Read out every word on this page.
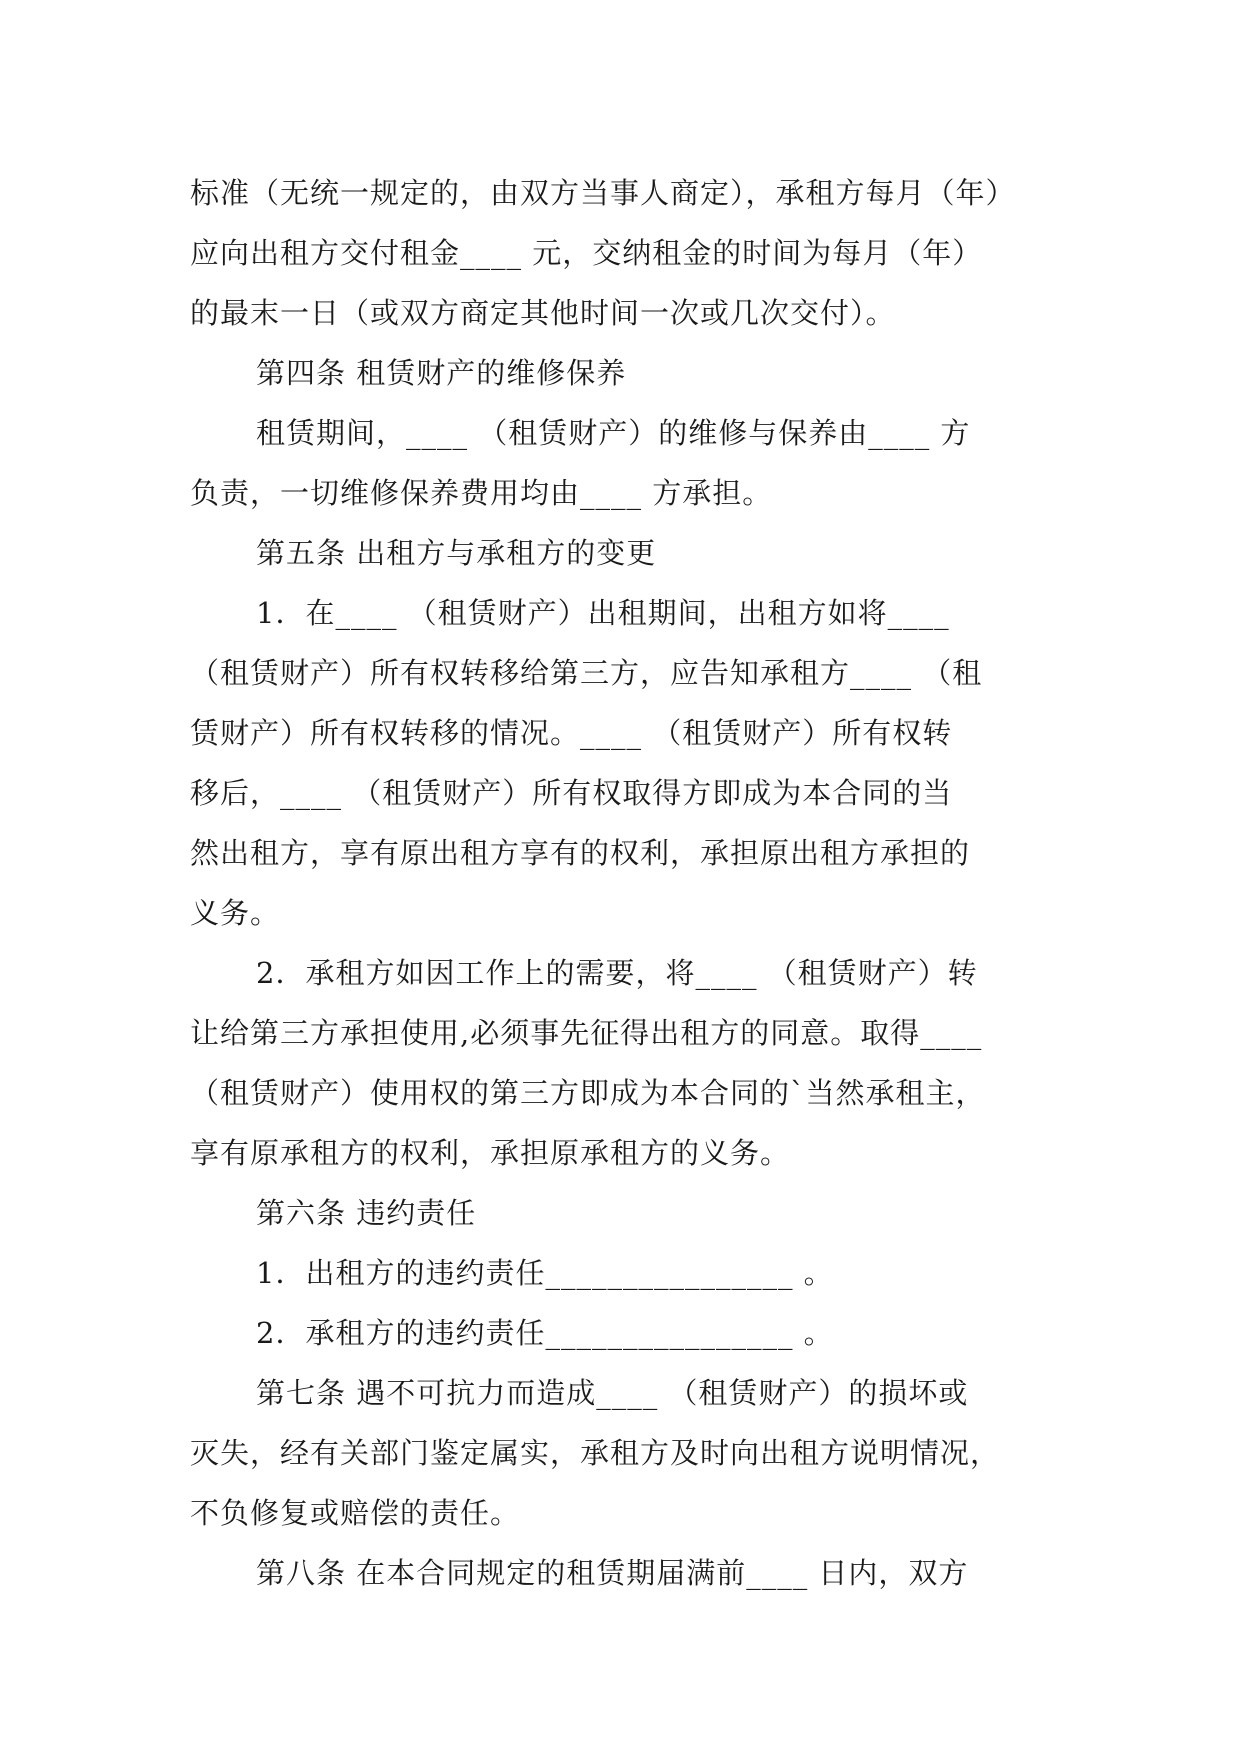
标准（无统一规定的，由双方当事人商定），承租方每月（年）
应向出租方交付租金____ 元，交纳租金的时间为每月（年）
的最末一日（或双方商定其他时间一次或几次交付）。
第四条 租赁财产的维修保养
租赁期间，____ （租赁财产）的维修与保养由____ 方
负责，一切维修保养费用均由____ 方承担。
第五条 出租方与承租方的变更
1．在____ （租赁财产）出租期间，出租方如将____
（租赁财产）所有权转移给第三方，应告知承租方____ （租
赁财产）所有权转移的情况。____ （租赁财产）所有权转
移后，____ （租赁财产）所有权取得方即成为本合同的当
然出租方，享有原出租方享有的权利，承担原出租方承担的
义务。
2．承租方如因工作上的需要，将____ （租赁财产）转
让给第三方承担使用,必须事先征得出租方的同意。取得____
（租赁财产）使用权的第三方即成为本合同的`当然承租主，
享有原承租方的权利，承担原承租方的义务。
第六条 违约责任
1．出租方的违约责任________________ 。
2．承租方的违约责任________________ 。
第七条 遇不可抗力而造成____ （租赁财产）的损坏或
灭失，经有关部门鉴定属实，承租方及时向出租方说明情况，
不负修复或赔偿的责任。
第八条 在本合同规定的租赁期届满前____ 日内，双方
